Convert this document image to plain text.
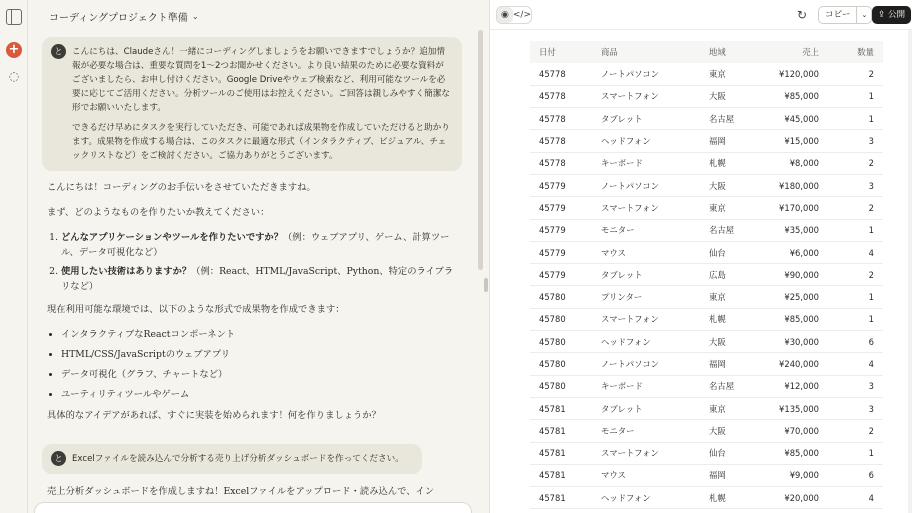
+
◌
コーディングプロジェクト準備 ⌄
と	こんにちは、Claudeさん！一緒にコーディングしましょうをお願いできますでしょうか？追加情報が必要な場合は、重要な質問を1〜2つお聞かせください。より良い結果のために必要な資料がございましたら、お申し付けください。Google Driveやウェブ検索など、利用可能なツールを必要に応じてご活用ください。分析ツールのご使用はお控えください。ご回答は親しみやすく簡潔な形でお願いいたします。

できるだけ早めにタスクを実行していただき、可能であれば成果物を作成していただけると助かります。成果物を作成する場合は、このタスクに最適な形式（インタラクティブ、ビジュアル、チェックリストなど）をご検討ください。ご協力ありがとうございます。

こんにちは！コーディングのお手伝いをさせていただきますね。

まず、どのようなものを作りたいか教えてください：

1. どんなアプリケーションやツールを作りたいですか？（例：ウェブアプリ、ゲーム、計算ツール、データ可視化など）
2. 使用したい技術はありますか？（例：React、HTML/JavaScript、Python、特定のライブラリなど）

現在利用可能な環境では、以下のような形式で成果物を作成できます：

• インタラクティブなReactコンポーネント
• HTML/CSS/JavaScriptのウェブアプリ
• データ可視化（グラフ、チャートなど）
• ユーティリティツールやゲーム

具体的なアイデアがあれば、すぐに実装を始められます！何を作りましょうか？

と	Excelファイルを読み込んで分析する売り上げ分析ダッシュボードを作ってください。

売上分析ダッシュボードを作成しますね！Excelファイルをアップロード・読み込んで、イン

◉ </>	↻	コピー	⌄	⇪ 公開
日付	商品	地域	売上	数量
45778	ノートパソコン	東京	¥120,000	2
45778	スマートフォン	大阪	¥85,000	1
45778	タブレット	名古屋	¥45,000	1
45778	ヘッドフォン	福岡	¥15,000	3
45778	キーボード	札幌	¥8,000	2
45779	ノートパソコン	大阪	¥180,000	3
45779	スマートフォン	東京	¥170,000	2
45779	モニター	名古屋	¥35,000	1
45779	マウス	仙台	¥6,000	4
45779	タブレット	広島	¥90,000	2
45780	プリンター	東京	¥25,000	1
45780	スマートフォン	札幌	¥85,000	1
45780	ヘッドフォン	大阪	¥30,000	6
45780	ノートパソコン	福岡	¥240,000	4
45780	キーボード	名古屋	¥12,000	3
45781	タブレット	東京	¥135,000	3
45781	モニター	大阪	¥70,000	2
45781	スマートフォン	仙台	¥85,000	1
45781	マウス	福岡	¥9,000	6
45781	ヘッドフォン	札幌	¥20,000	4
